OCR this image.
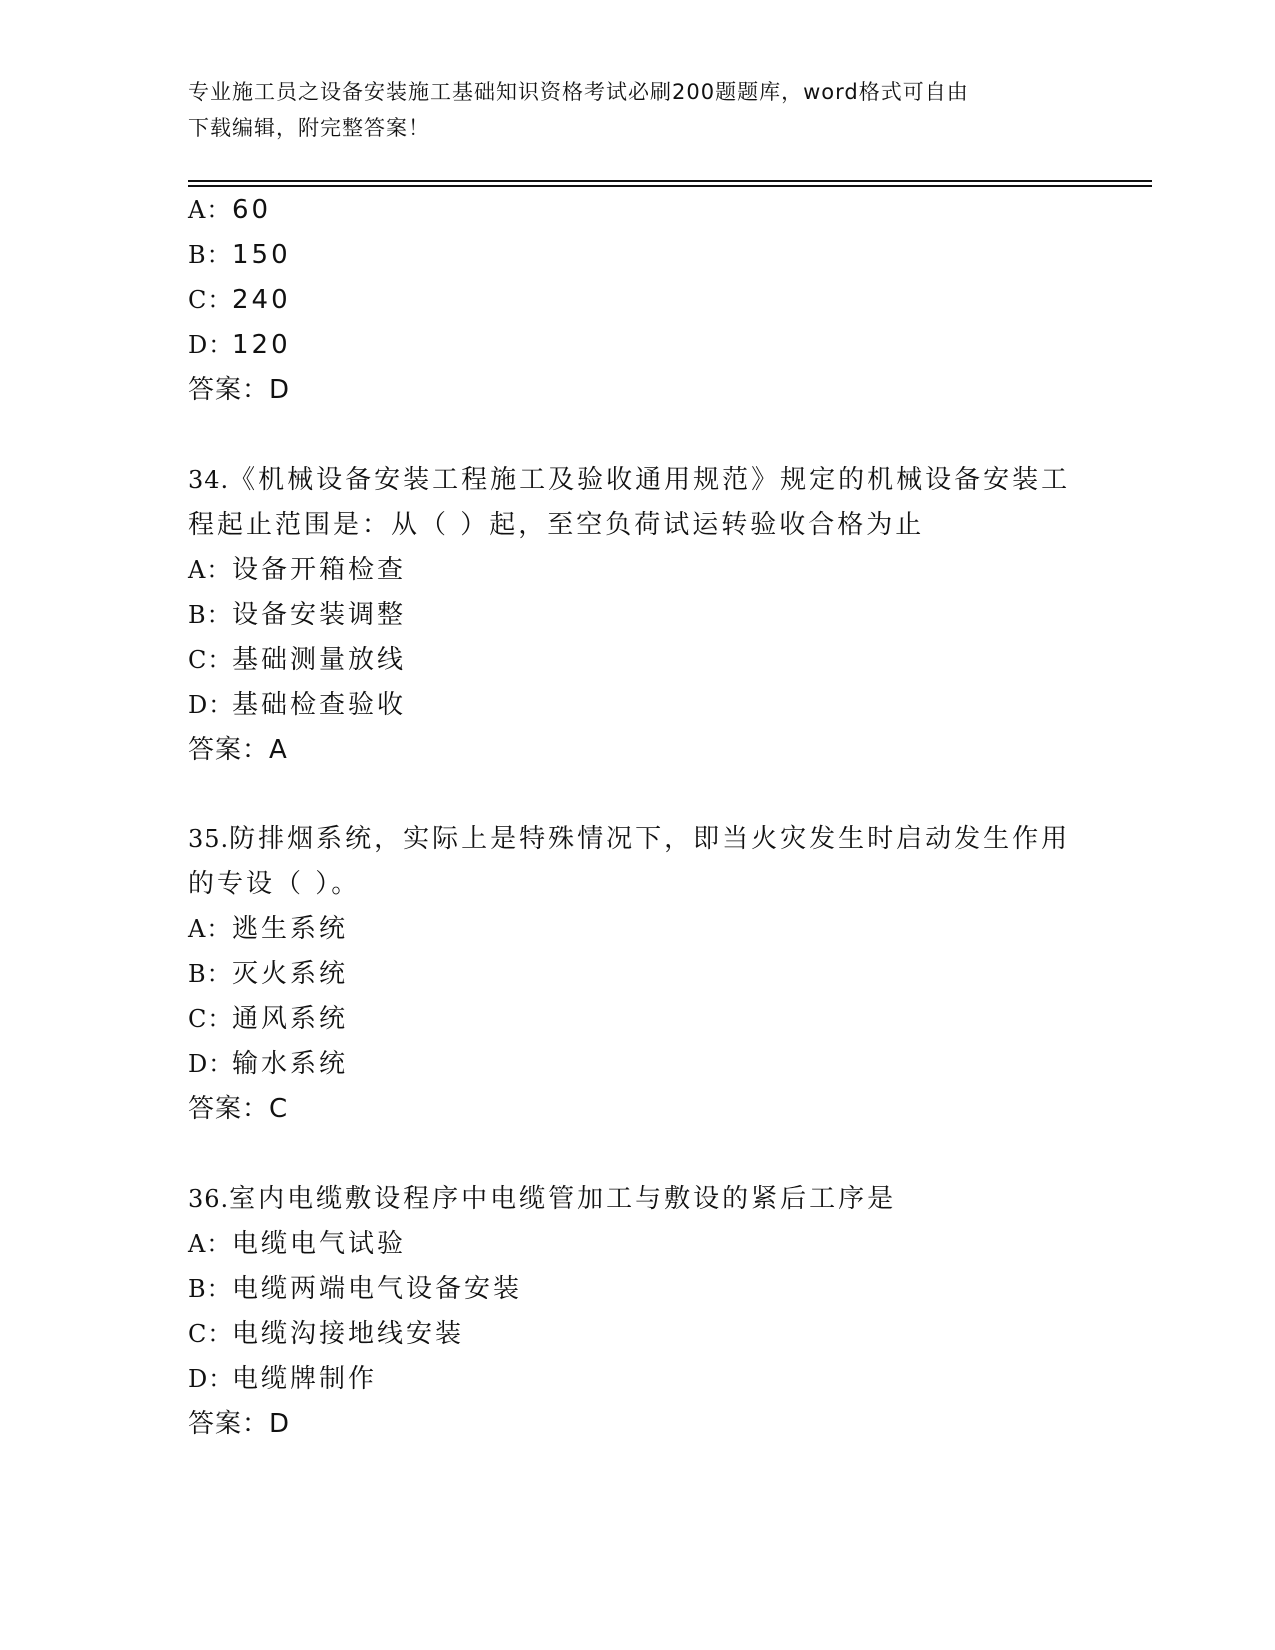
专业施工员之设备安装施工基础知识资格考试必刷200题题库，word格式可自由
下载编辑，附完整答案！
A：60
B：150
C：240
D：120
答案：D
34.《机械设备安装工程施工及验收通用规范》规定的机械设备安装工
程起止范围是：从（ ）起，至空负荷试运转验收合格为止
A：设备开箱检查
B：设备安装调整
C：基础测量放线
D：基础检查验收
答案：A
35.防排烟系统，实际上是特殊情况下，即当火灾发生时启动发生作用
的专设（ ）。
A：逃生系统
B：灭火系统
C：通风系统
D：输水系统
答案：C
36.室内电缆敷设程序中电缆管加工与敷设的紧后工序是
A：电缆电气试验
B：电缆两端电气设备安装
C：电缆沟接地线安装
D：电缆牌制作
答案：D
